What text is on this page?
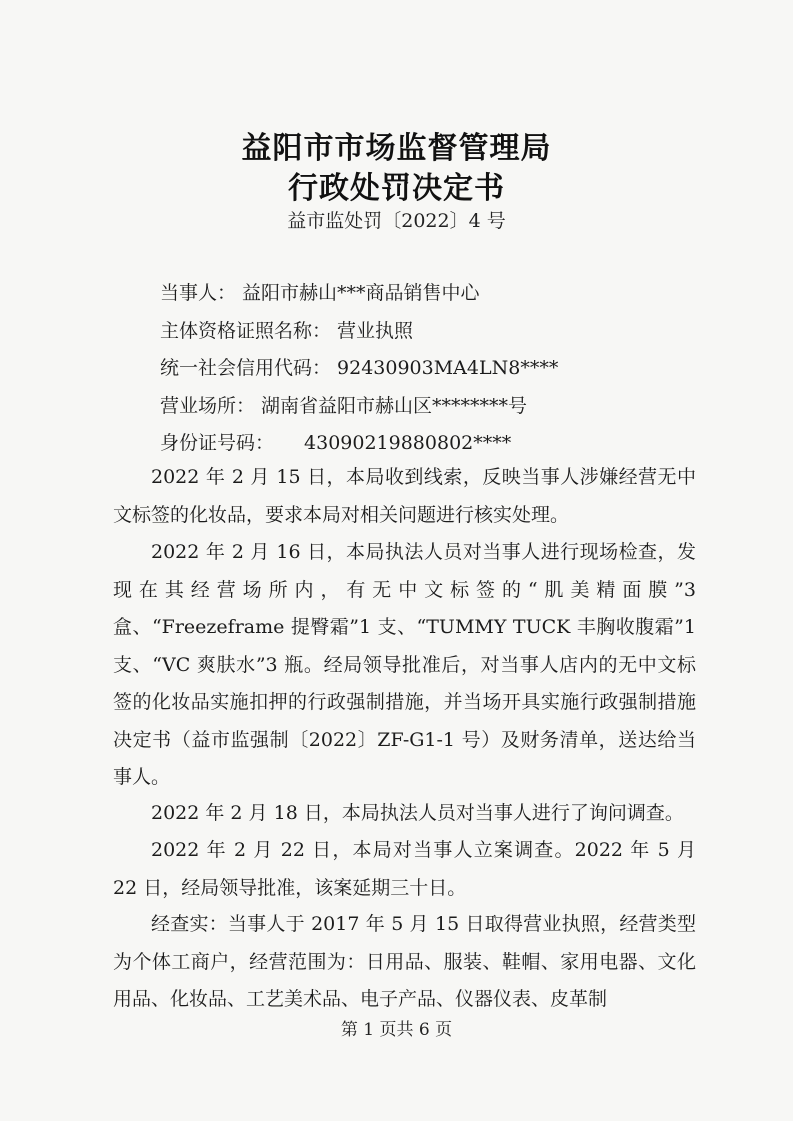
益阳市市场监督管理局
行政处罚决定书
益市监处罚〔2022〕4 号
当事人： 益阳市赫山***商品销售中心
主体资格证照名称： 营业执照
统一社会信用代码： 92430903MA4LN8****
营业场所： 湖南省益阳市赫山区********号
身份证号码： 43090219880802****

2022 年 2 月 15 日，本局收到线索，反映当事人涉嫌经营无中文标签的化妆品，要求本局对相关问题进行核实处理。

2022 年 2 月 16 日，本局执法人员对当事人进行现场检查，发现在其经营场所内，有无中文标签的“肌美精面膜”3 盒、“Freezeframe 提臀霜”1 支、“TUMMY TUCK 丰胸收腹霜”1 支、“VC 爽肤水”3 瓶。经局领导批准后，对当事人店内的无中文标签的化妆品实施扣押的行政强制措施，并当场开具实施行政强制措施决定书（益市监强制〔2022〕ZF-G1-1 号）及财务清单，送达给当事人。

2022 年 2 月 18 日，本局执法人员对当事人进行了询问调查。

2022 年 2 月 22 日，本局对当事人立案调查。2022 年 5 月 22 日，经局领导批准，该案延期三十日。

经查实：当事人于 2017 年 5 月 15 日取得营业执照，经营类型为个体工商户，经营范围为：日用品、服装、鞋帽、家用电器、文化用品、化妆品、工艺美术品、电子产品、仪器仪表、皮革制

第 1 页共 6 页
